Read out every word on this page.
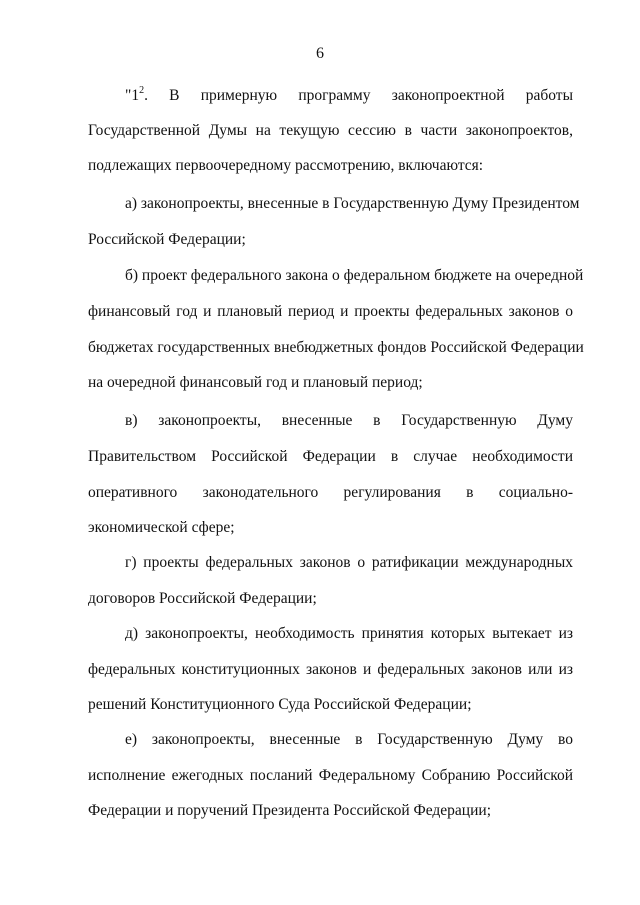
6
"$1^2$. В примерную программу законопроектной работы
Государственной Думы на текущую сессию в части законопроектов,
подлежащих первоочередному рассмотрению, включаются:
а) законопроекты, внесенные в Государственную Думу Президентом
Российской Федерации;
б) проект федерального закона о федеральном бюджете на очередной
финансовый год и плановый период и проекты федеральных законов о
бюджетах государственных внебюджетных фондов Российской Федерации
на очередной финансовый год и плановый период;
в) законопроекты, внесенные в Государственную Думу
Правительством Российской Федерации в случае необходимости
оперативного законодательного регулирования в социально-
экономической сфере;
г) проекты федеральных законов о ратификации международных
договоров Российской Федерации;
д) законопроекты, необходимость принятия которых вытекает из
федеральных конституционных законов и федеральных законов или из
решений Конституционного Суда Российской Федерации;
е) законопроекты, внесенные в Государственную Думу во
исполнение ежегодных посланий Федеральному Собранию Российской
Федерации и поручений Президента Российской Федерации;
